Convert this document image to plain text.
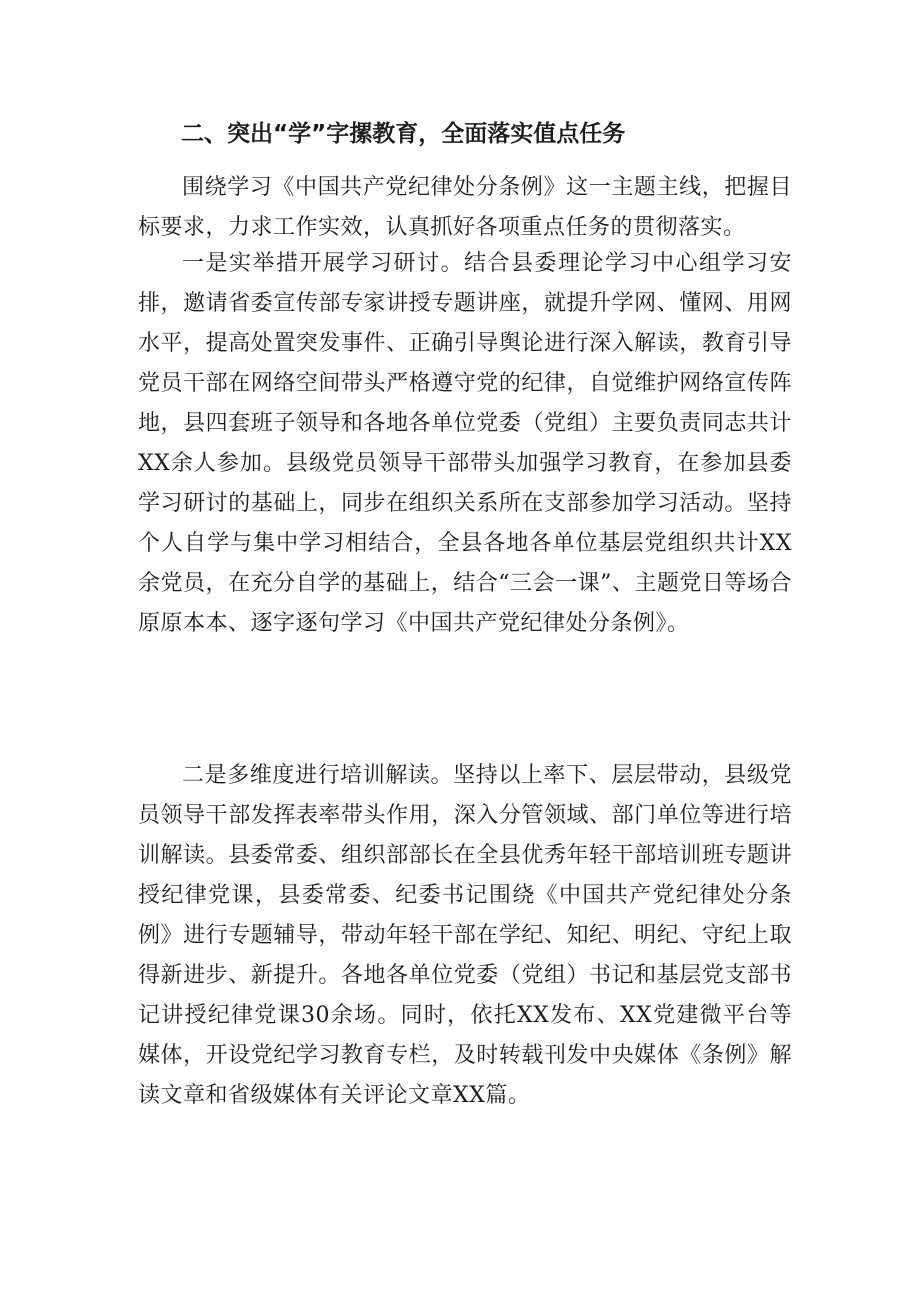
二、突出“学”字摞教育，全面落实值点任务

围绕学习《中国共产党纪律处分条例》这一主题主线，把握目标要求，力求工作实效，认真抓好各项重点任务的贯彻落实。

一是实举措开展学习研讨。结合县委理论学习中心组学习安排，邀请省委宣传部专家讲授专题讲座，就提升学网、懂网、用网水平，提高处置突发事件、正确引导舆论进行深入解读，教育引导党员干部在网络空间带头严格遵守党的纪律，自觉维护网络宣传阵地，县四套班子领导和各地各单位党委（党组）主要负责同志共计XX余人参加。县级党员领导干部带头加强学习教育，在参加县委学习研讨的基础上，同步在组织关系所在支部参加学习活动。坚持个人自学与集中学习相结合，全县各地各单位基层党组织共计XX余党员，在充分自学的基础上，结合“三会一课”、主题党日等场合原原本本、逐字逐句学习《中国共产党纪律处分条例》。

二是多维度进行培训解读。坚持以上率下、层层带动，县级党员领导干部发挥表率带头作用，深入分管领域、部门单位等进行培训解读。县委常委、组织部部长在全县优秀年轻干部培训班专题讲授纪律党课，县委常委、纪委书记围绕《中国共产党纪律处分条例》进行专题辅导，带动年轻干部在学纪、知纪、明纪、守纪上取得新进步、新提升。各地各单位党委（党组）书记和基层党支部书记讲授纪律党课30余场。同时，依托XX发布、XX党建微平台等媒体，开设党纪学习教育专栏，及时转载刊发中央媒体《条例》解读文章和省级媒体有关评论文章XX篇。
